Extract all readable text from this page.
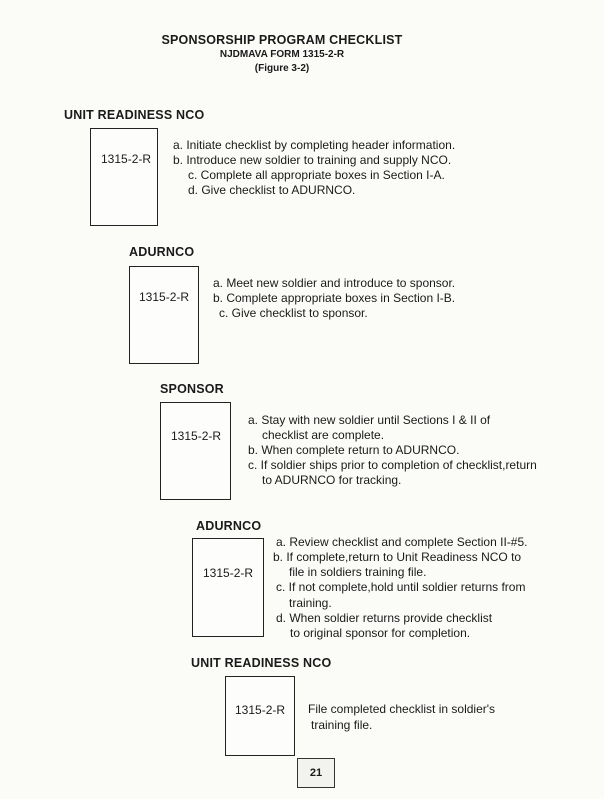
SPONSORSHIP PROGRAM CHECKLIST
NJDMAVA FORM 1315-2-R
(Figure 3-2)
UNIT READINESS NCO
1315-2-R
a. Initiate checklist by completing header information.
b. Introduce new soldier to training and supply NCO.
c. Complete all appropriate boxes in Section I-A.
d. Give checklist to ADURNCO.
ADURNCO
1315-2-R
a. Meet new soldier and introduce to sponsor.
b. Complete appropriate boxes in Section I-B.
c. Give checklist to sponsor.
SPONSOR
1315-2-R
a. Stay with new soldier until Sections I & II of
checklist are complete.
b. When complete return to ADURNCO.
c. If soldier ships prior to completion of checklist,return
to ADURNCO for tracking.
ADURNCO
1315-2-R
a. Review checklist and complete Section II-#5.
b. If complete,return to Unit Readiness NCO to
file in soldiers training file.
c. If not complete,hold until soldier returns from
training.
d. When soldier returns provide checklist
to original sponsor for completion.
UNIT READINESS NCO
1315-2-R File completed checklist in soldier's
training file.
21
